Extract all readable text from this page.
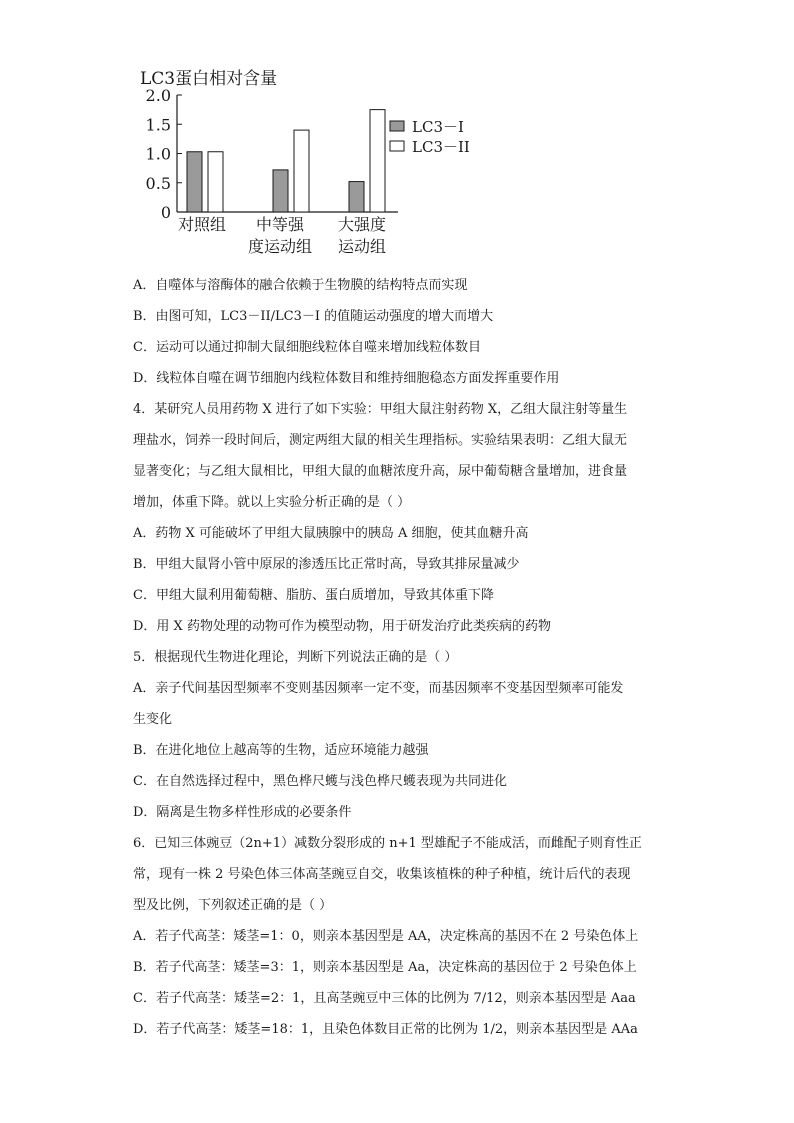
LC3蛋白相对含量
2.0
1.5
1.0
0.5
0
对照组 中等强
度运动组
大强度
运动组
LC3－I
LC3－II
A．自噬体与溶酶体的融合依赖于生物膜的结构特点而实现
B．由图可知，LC3－II/LC3－I 的值随运动强度的增大而增大
C．运动可以通过抑制大鼠细胞线粒体自噬来增加线粒体数目
D．线粒体自噬在调节细胞内线粒体数目和维持细胞稳态方面发挥重要作用
4．某研究人员用药物 X 进行了如下实验：甲组大鼠注射药物 X，乙组大鼠注射等量生
理盐水，饲养一段时间后，测定两组大鼠的相关生理指标。实验结果表明：乙组大鼠无
显著变化；与乙组大鼠相比，甲组大鼠的血糖浓度升高，尿中葡萄糖含量增加，进食量
增加，体重下降。就以上实验分析正确的是（ ）
A．药物 X 可能破坏了甲组大鼠胰腺中的胰岛 A 细胞，使其血糖升高
B．甲组大鼠肾小管中原尿的渗透压比正常时高，导致其排尿量减少
C．甲组大鼠利用葡萄糖、脂肪、蛋白质增加，导致其体重下降
D．用 X 药物处理的动物可作为模型动物，用于研发治疗此类疾病的药物
5．根据现代生物进化理论，判断下列说法正确的是（ ）
A．亲子代间基因型频率不变则基因频率一定不变，而基因频率不变基因型频率可能发
生变化
B．在进化地位上越高等的生物，适应环境能力越强
C．在自然选择过程中，黑色桦尺蠖与浅色桦尺蠖表现为共同进化
D．隔离是生物多样性形成的必要条件
6．已知三体豌豆（2n+1）减数分裂形成的 n+1 型雄配子不能成活，而雌配子则育性正
常，现有一株 2 号染色体三体高茎豌豆自交，收集该植株的种子种植，统计后代的表现
型及比例，下列叙述正确的是（ ）
A．若子代高茎：矮茎=1：0，则亲本基因型是 AA，决定株高的基因不在 2 号染色体上
B．若子代高茎：矮茎=3：1，则亲本基因型是 Aa，决定株高的基因位于 2 号染色体上
C．若子代高茎：矮茎=2：1，且高茎豌豆中三体的比例为 7/12，则亲本基因型是 Aaa
D．若子代高茎：矮茎=18：1，且染色体数目正常的比例为 1/2，则亲本基因型是 AAa
